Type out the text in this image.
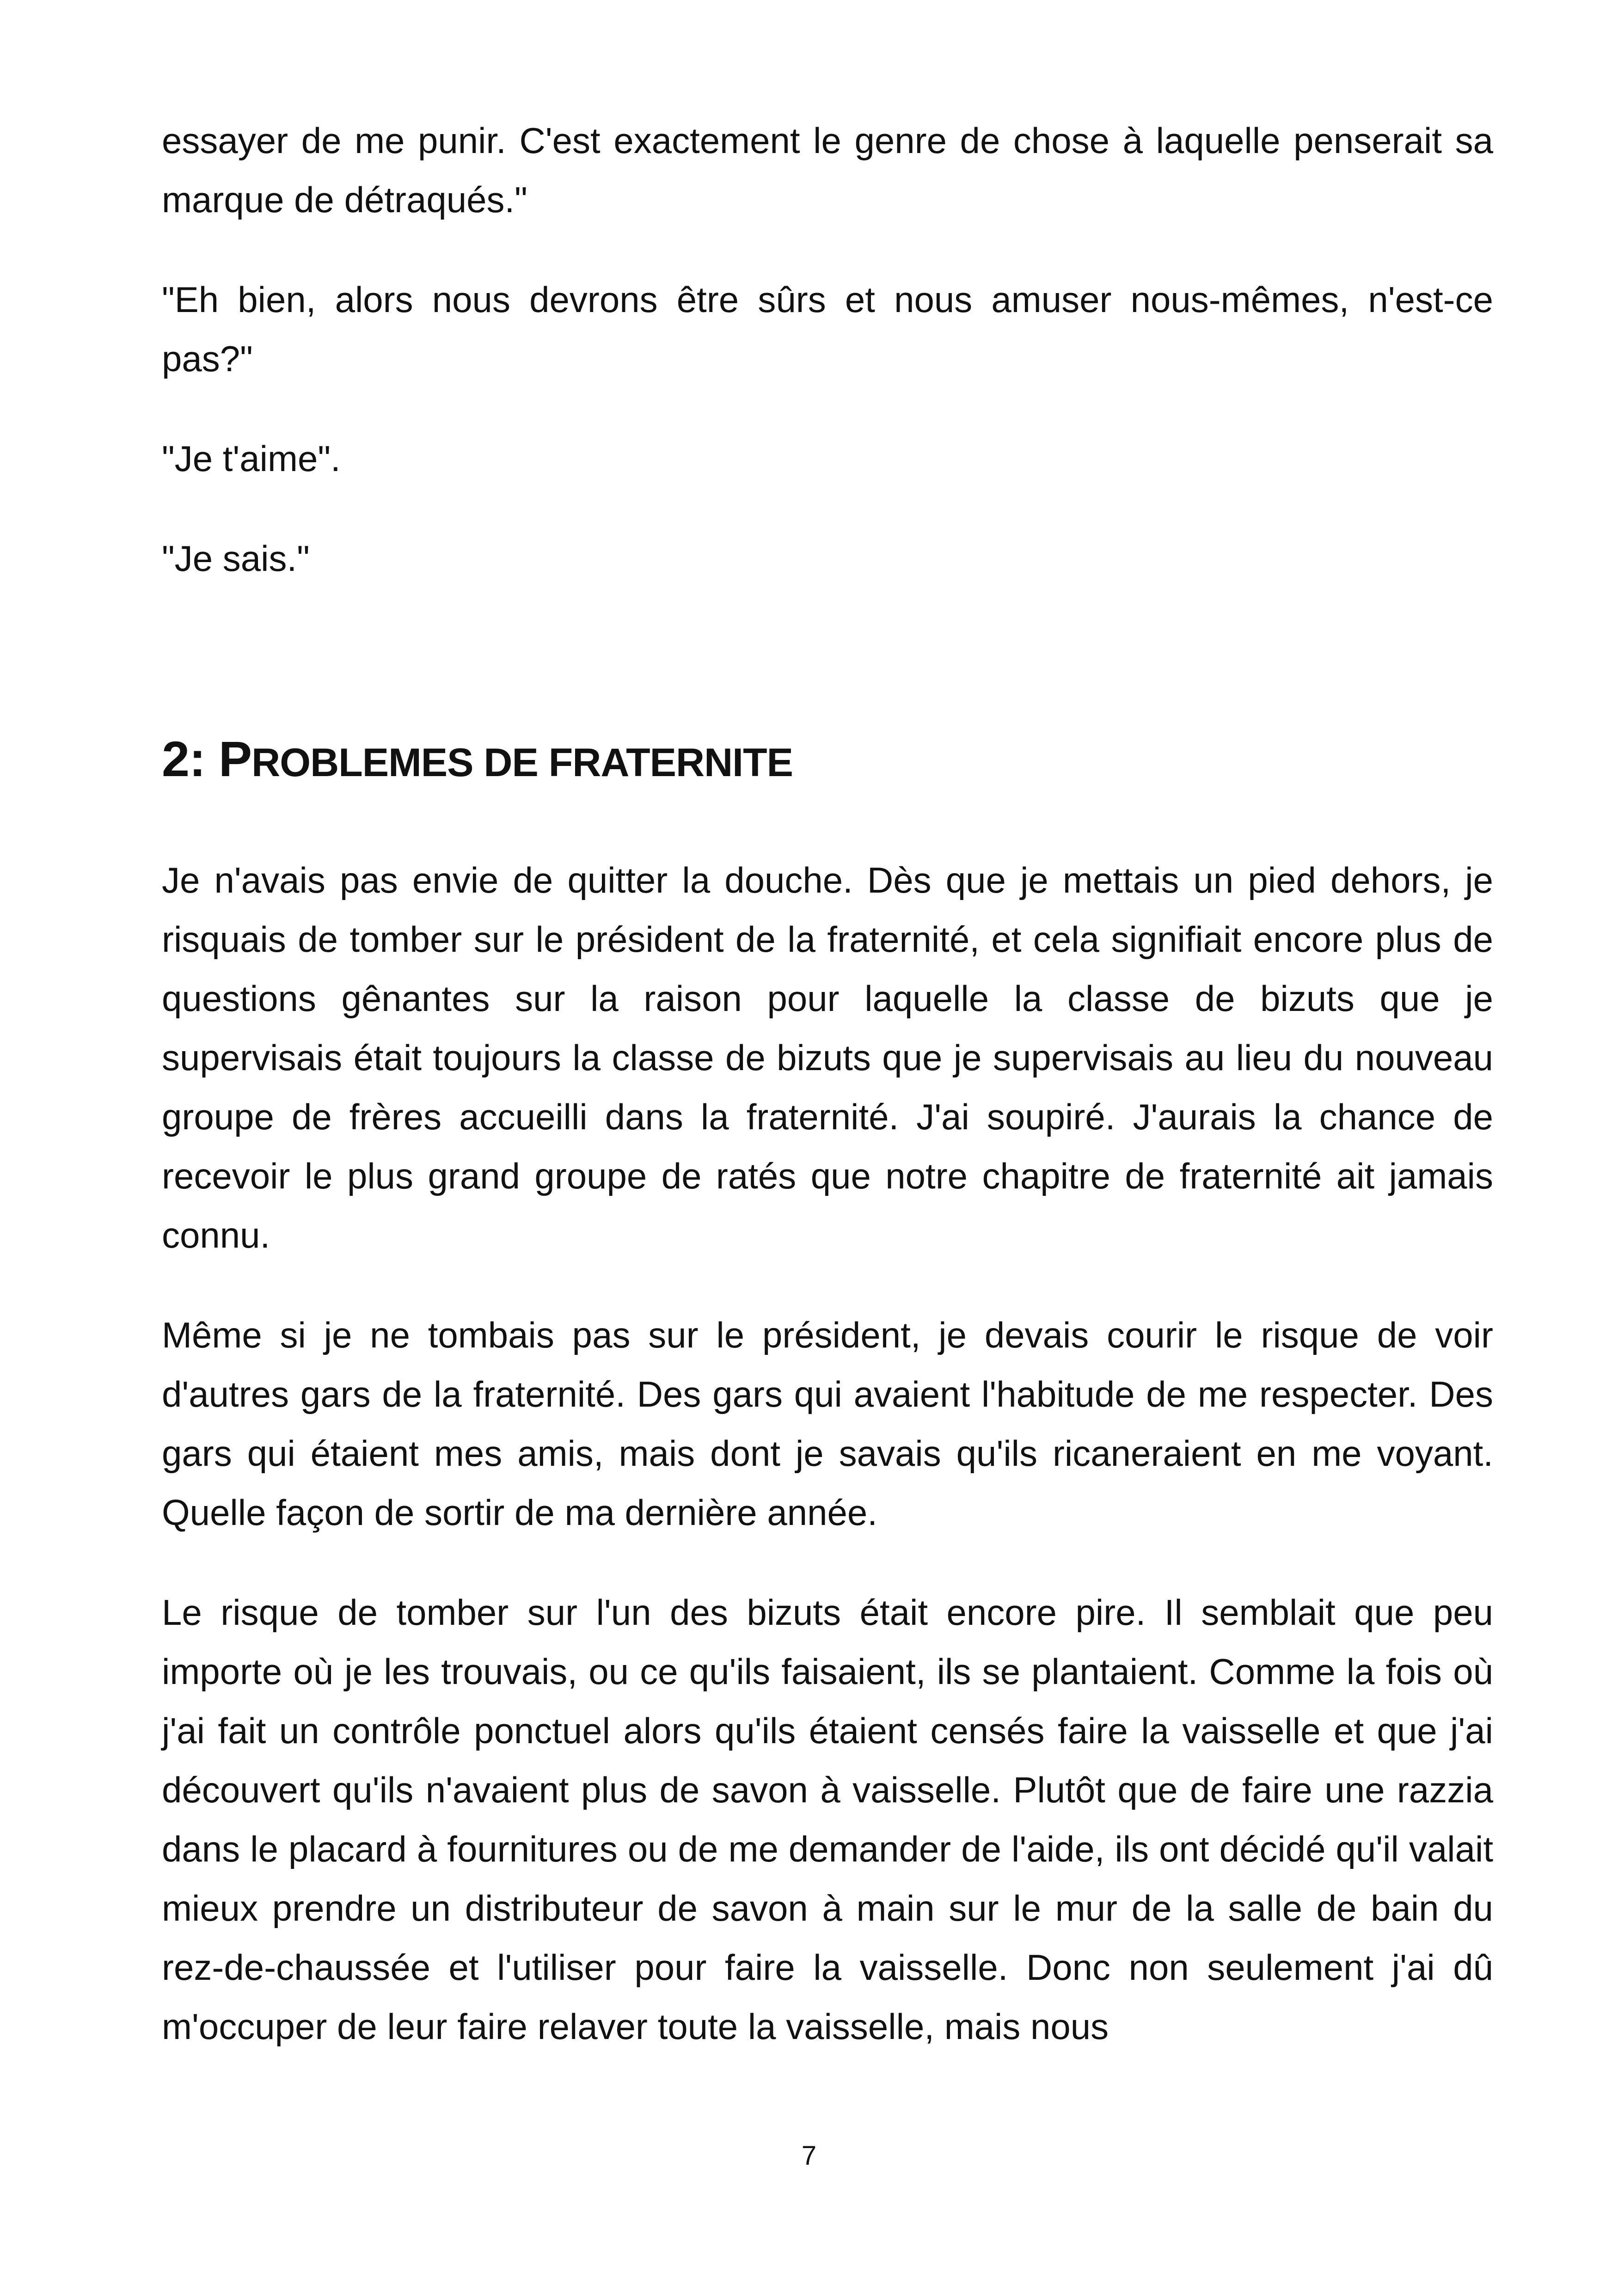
essayer de me punir. C'est exactement le genre de chose à laquelle penserait sa marque de détraqués."

"Eh bien, alors nous devrons être sûrs et nous amuser nous-mêmes, n'est-ce pas?"

"Je t'aime".

"Je sais."

2: PROBLEMES DE FRATERNITE

Je n'avais pas envie de quitter la douche. Dès que je mettais un pied dehors, je risquais de tomber sur le président de la fraternité, et cela signifiait encore plus de questions gênantes sur la raison pour laquelle la classe de bizuts que je supervisais était toujours la classe de bizuts que je supervisais au lieu du nouveau groupe de frères accueilli dans la fraternité. J'ai soupiré. J'aurais la chance de recevoir le plus grand groupe de ratés que notre chapitre de fraternité ait jamais connu.

Même si je ne tombais pas sur le président, je devais courir le risque de voir d'autres gars de la fraternité. Des gars qui avaient l'habitude de me respecter. Des gars qui étaient mes amis, mais dont je savais qu'ils ricaneraient en me voyant. Quelle façon de sortir de ma dernière année.

Le risque de tomber sur l'un des bizuts était encore pire. Il semblait que peu importe où je les trouvais, ou ce qu'ils faisaient, ils se plantaient. Comme la fois où j'ai fait un contrôle ponctuel alors qu'ils étaient censés faire la vaisselle et que j'ai découvert qu'ils n'avaient plus de savon à vaisselle. Plutôt que de faire une razzia dans le placard à fournitures ou de me demander de l'aide, ils ont décidé qu'il valait mieux prendre un distributeur de savon à main sur le mur de la salle de bain du rez-de-chaussée et l'utiliser pour faire la vaisselle. Donc non seulement j'ai dû m'occuper de leur faire relaver toute la vaisselle, mais nous

7
